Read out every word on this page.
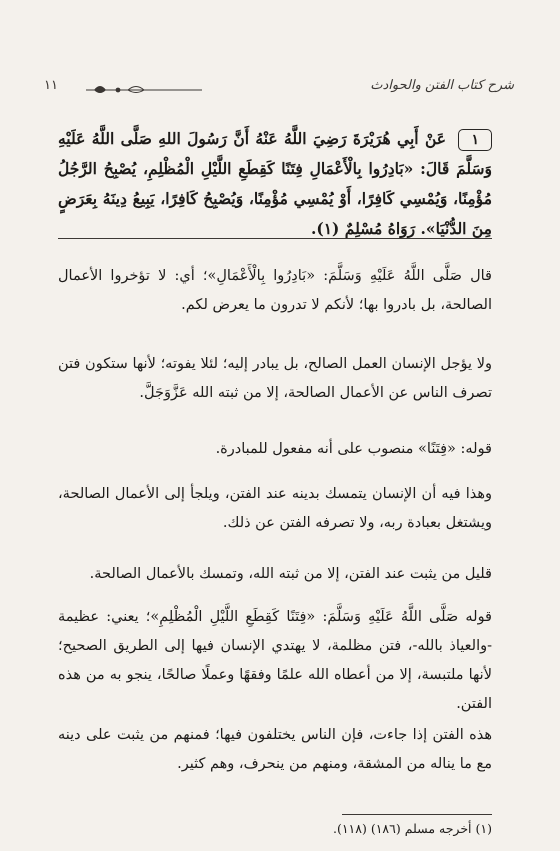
شرح كتاب الفتن والحوادث
١١
١ عَنْ أَبِي هُرَيْرَةَ رَضِيَ اللَّهُ عَنْهُ أَنَّ رَسُولَ اللهِ صَلَّى اللَّهُ عَلَيْهِ وَسَلَّمَ قَالَ: «بَادِرُوا بِالْأَعْمَالِ فِتَنًا كَقِطَعِ اللَّيْلِ الْمُظْلِمِ، يُصْبِحُ الرَّجُلُ مُؤْمِنًا، وَيُمْسِي كَافِرًا، أَوْ يُمْسِي مُؤْمِنًا، وَيُصْبِحُ كَافِرًا، يَبِيعُ دِينَهُ بِعَرَضٍ مِنَ الدُّنْيَا». رَوَاهُ مُسْلِمٌ (١).
قال صَلَّى اللَّهُ عَلَيْهِ وَسَلَّمَ: «بَادِرُوا بِالْأَعْمَالِ»؛ أي: لا تؤخروا الأعمال الصالحة، بل بادروا بها؛ لأنكم لا تدرون ما يعرض لكم.
ولا يؤجل الإنسان العمل الصالح، بل يبادر إليه؛ لئلا يفوته؛ لأنها ستكون فتن تصرف الناس عن الأعمال الصالحة، إلا من ثبته الله عَزَّوَجَلَّ.
قوله: «فِتَنًا» منصوب على أنه مفعول للمبادرة.
وهذا فيه أن الإنسان يتمسك بدينه عند الفتن، ويلجأ إلى الأعمال الصالحة، ويشتغل بعبادة ربه، ولا تصرفه الفتن عن ذلك.
قليل من يثبت عند الفتن، إلا من ثبته الله، وتمسك بالأعمال الصالحة.
قوله صَلَّى اللَّهُ عَلَيْهِ وَسَلَّمَ: «فِتَنًا كَقِطَعِ اللَّيْلِ الْمُظْلِمِ»؛ يعني: عظيمة -والعياذ بالله-، فتن مظلمة، لا يهتدي الإنسان فيها إلى الطريق الصحيح؛ لأنها ملتبسة، إلا من أعطاه الله علمًا وفقهًا وعملًا صالحًا، ينجو به من هذه الفتن.
هذه الفتن إذا جاءت، فإن الناس يختلفون فيها؛ فمنهم من يثبت على دينه مع ما يناله من المشقة، ومنهم من ينحرف، وهم كثير.
(١) أخرجه مسلم (١٨٦) (١١٨).
